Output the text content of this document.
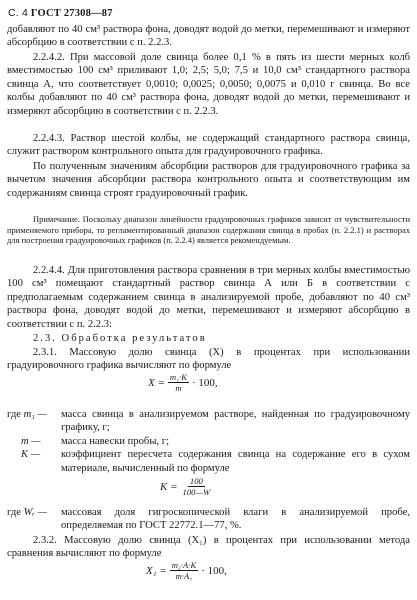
С. 4 ГОСТ 27308—87
добавляют по 40 см³ раствора фона, доводят водой до метки, перемешивают и измеряют абсорбцию в соответствии с п. 2.2.3.
2.2.4.2. При массовой доле свинца более 0,1 % в пять из шести мерных колб вместимостью 100 см³ приливают 1,0; 2,5; 5,0; 7,5 и 10,0 см³ стандартного раствора свинца А, что соответствует 0,0010; 0,0025; 0,0050; 0,0075 и 0,010 г свинца. Во все колбы добавляют по 40 см³ раствора фона, доводят водой до метки, перемешивают и измеряют абсорбцию в соответствии с п. 2.2.3.
2.2.4.3. Раствор шестой колбы, не содержащий стандартного раствора свинца, служит раствором контрольного опыта для градуировочного графика.
По полученным значениям абсорбции растворов для градуировочного графика за вычетом значения абсорбции раствора контрольного опыта и соответствующим им содержаниям свинца строят градуировочный график.
Примечание. Поскольку диапазон линейности градуировочных графиков зависит от чувствительности применяемого прибора, то регламентированный диапазон содержания свинца в пробах (п. 2.2.1) и растворах для построения градуировочных графиков (п. 2.2.4) является рекомендуемым.
2.2.4.4. Для приготовления раствора сравнения в три мерных колбы вместимостью 100 см³ помещают стандартный раствор свинца А или Б в соответствии с предполагаемым содержанием свинца в анализируемой пробе, добавляют по 40 см³ раствора фона, доводят водой до метки, перемешивают и измеряют абсорбцию в соответствии с п. 2.2.3:
2.3. Обработка результатов
2.3.1. Массовую долю свинца (X) в процентах при использовании градуировочного графика вычисляют по формуле
$X = \frac{\text{m₁·K}}{m} \cdot 100$,
где m₁ —	масса свинца в анализируемом растворе, найденная по градуировочному графику, г;
m —	масса навески пробы, г;
K —	коэффициент пересчета содержания свинца на содержание его в сухом материале, вычисленный по формуле
$K = \frac{100}{100—W}$
где Wᵣ —	массовая доля гигроскопической влаги в анализируемой пробе, определяемая по ГОСТ 22772.1—77, %.
2.3.2. Массовую долю свинца (X₁) в процентах при использовании метода сравнения вычисляют по формуле
$X_1 = \frac{\text{m₂·A·K}}{\text{m·A₁}} \cdot 100$,
